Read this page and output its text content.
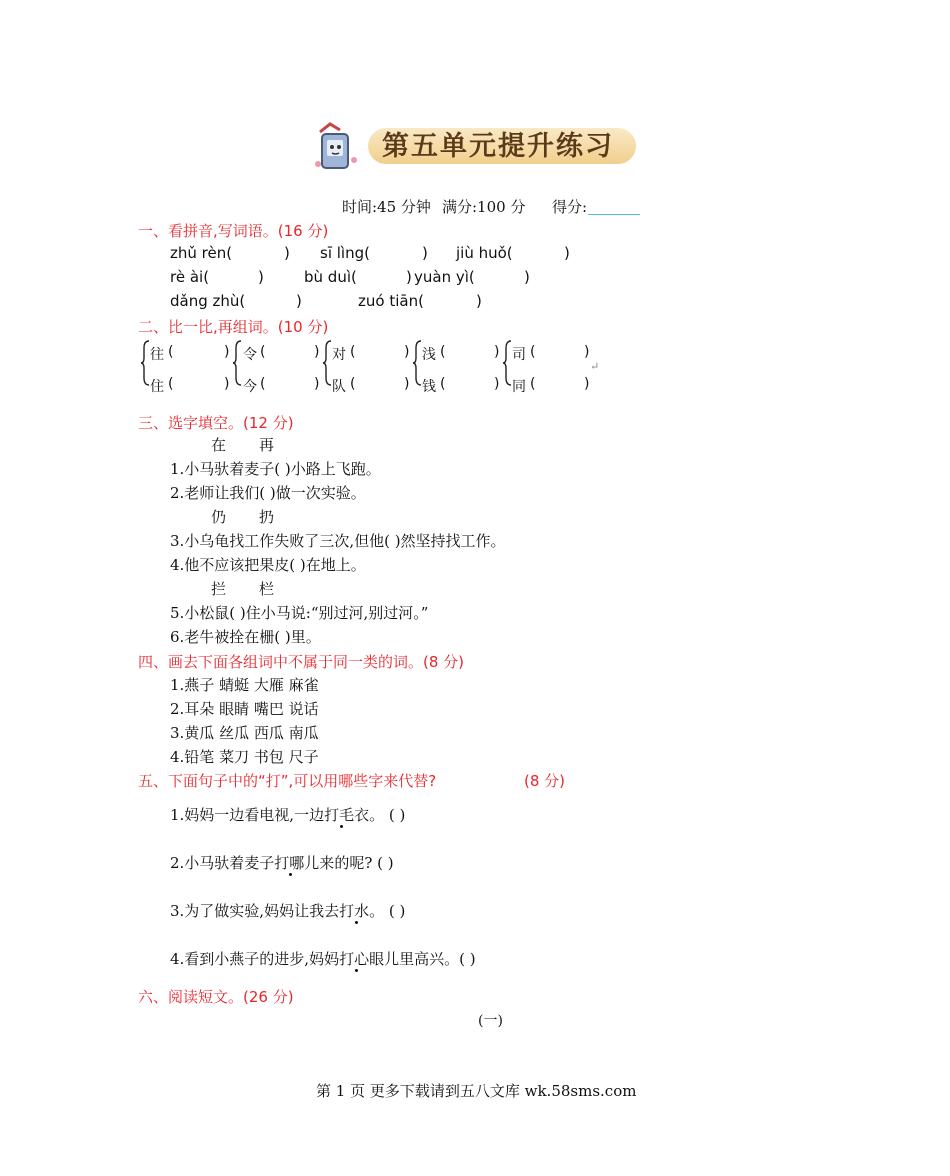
第五单元提升练习
时间:45 分钟 满分:100 分 得分:
一、看拼音,写词语。(16 分)
zhǔ rèn(	) sī lìng(	) jiù huǒ(	)
rè ài(	)	bù duì(	) yuàn yì(	)
dǎng zhù(	)	zuó tiān(	)
二、比一比,再组词。(10 分)
往 (	)
住 (	)
令 (	)
今 (	)
对 (	)
队 (	)
浅 (	)
钱 (	)
司 (	)
同 (	)
↵
三、选字填空。(12 分)
在 再
1.小马驮着麦子( )小路上飞跑。
2.老师让我们( )做一次实验。
仍 扔
3.小乌龟找工作失败了三次,但他( )然坚持找工作。
4.他不应该把果皮( )在地上。
拦 栏
5.小松鼠( )住小马说:“别过河,别过河。”
6.老牛被拴在栅( )里。
四、画去下面各组词中不属于同一类的词。(8 分)
1.燕子 蜻蜓 大雁 麻雀
2.耳朵 眼睛 嘴巴 说话
3.黄瓜 丝瓜 西瓜 南瓜
4.铅笔 菜刀 书包 尺子
五、下面句子中的“打”,可以用哪些字来代替?	(8 分)
1.妈妈一边看电视,一边打毛衣。 ( )
2.小马驮着麦子打哪儿来的呢? ( )
3.为了做实验,妈妈让我去打水。 ( )
4.看到小燕子的进步,妈妈打心眼儿里高兴。( )
六、阅读短文。(26 分)
(一)
第 1 页 更多下载请到五八文库 wk.58sms.com
